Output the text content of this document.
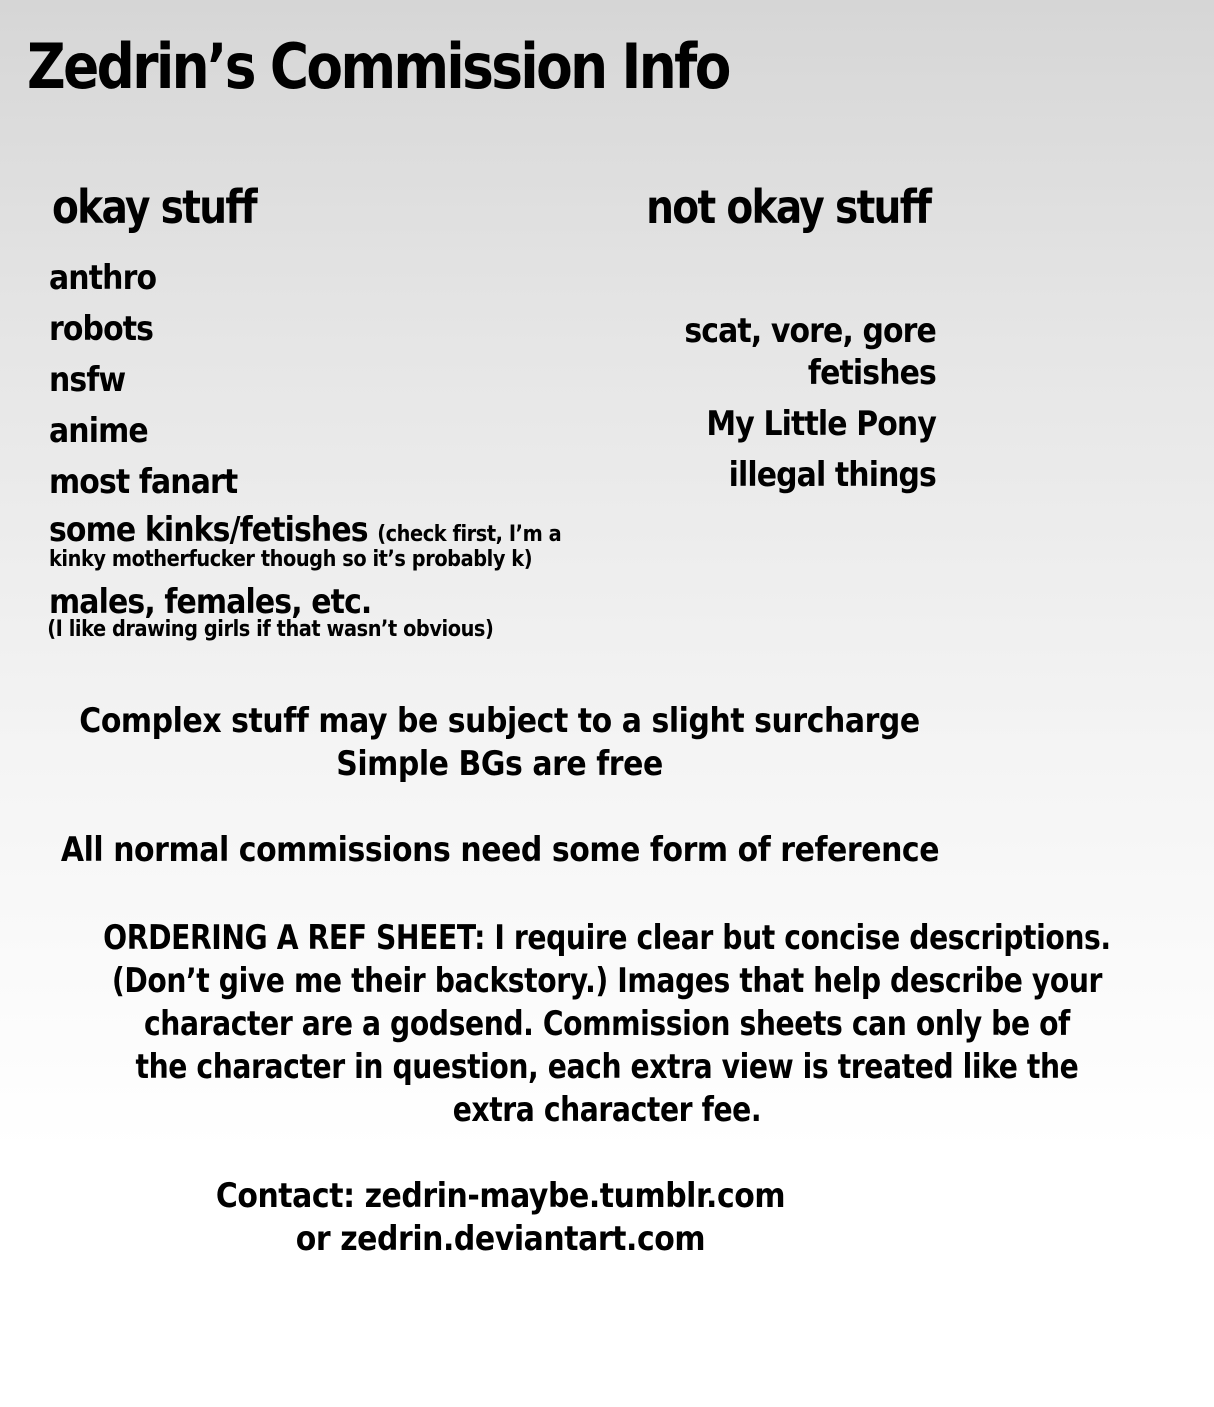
Zedrin’s Commission Info
okay stuff	not okay stuff
anthro
robots
nsfw
anime
most fanart
some kinks/fetishes (check first, I’m a
kinky motherfucker though so it’s probably k)
males, females, etc.
(I like drawing girls if that wasn’t obvious)
scat, vore, gore
fetishes
My Little Pony
illegal things
Complex stuff may be subject to a slight surcharge
Simple BGs are free
All normal commissions need some form of reference
ORDERING A REF SHEET: I require clear but concise descriptions.
(Don’t give me their backstory.) Images that help describe your
character are a godsend. Commission sheets can only be of
the character in question, each extra view is treated like the
extra character fee.
Contact: zedrin-maybe.tumblr.com
or zedrin.deviantart.com
